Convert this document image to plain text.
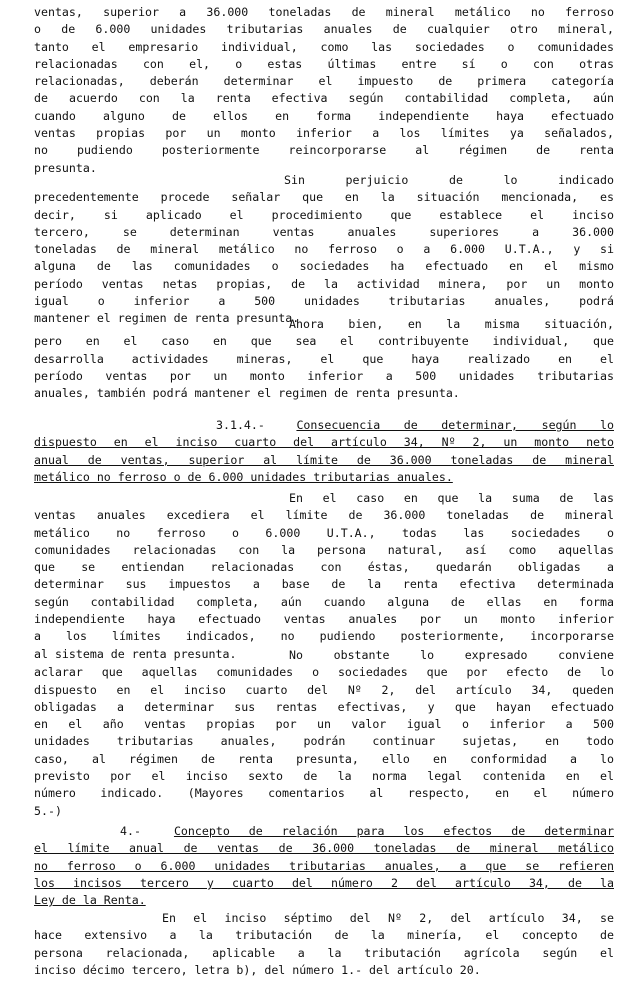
ventas, superior a 36.000 toneladas de mineral metálico no ferroso
o de 6.000 unidades tributarias anuales de cualquier otro mineral,
tanto el empresario individual, como las sociedades o comunidades
relacionadas con el, o estas últimas entre sí o con otras
relacionadas, deberán determinar el impuesto de primera categoría
de acuerdo con la renta efectiva según contabilidad completa, aún
cuando alguno de ellos en forma independiente haya efectuado
ventas propias por un monto inferior a los límites ya señalados,
no pudiendo posteriormente reincorporarse al régimen de renta
presunta.
Sin perjuicio de lo indicado
precedentemente procede señalar que en la situación mencionada, es
decir, si aplicado el procedimiento que establece el inciso
tercero, se determinan ventas anuales superiores a 36.000
toneladas de mineral metálico no ferroso o a 6.000 U.T.A., y si
alguna de las comunidades o sociedades ha efectuado en el mismo
período ventas netas propias, de la actividad minera, por un monto
igual o inferior a 500 unidades tributarias anuales, podrá
mantener el regimen de renta presunta.
Ahora bien, en la misma situación,
pero en el caso en que sea el contribuyente individual, que
desarrolla actividades mineras, el que haya realizado en el
período ventas por un monto inferior a 500 unidades tributarias
anuales, también podrá mantener el regimen de renta presunta.
3.1.4.-	Consecuencia de determinar, según lo
dispuesto en el inciso cuarto del artículo 34, Nº 2, un monto neto
anual de ventas, superior al límite de 36.000 toneladas de mineral
metálico no ferroso o de 6.000 unidades tributarias anuales.
En el caso en que la suma de las
ventas anuales excediera el límite de 36.000 toneladas de mineral
metálico no ferroso o 6.000 U.T.A., todas las sociedades o
comunidades relacionadas con la persona natural, así como aquellas
que se entiendan relacionadas con éstas, quedarán obligadas a
determinar sus impuestos a base de la renta efectiva determinada
según contabilidad completa, aún cuando alguna de ellas en forma
independiente haya efectuado ventas anuales por un monto inferior
a los límites indicados, no pudiendo posteriormente, incorporarse
al sistema de renta presunta.	No obstante lo expresado conviene
aclarar que aquellas comunidades o sociedades que por efecto de lo
dispuesto en el inciso cuarto del Nº 2, del artículo 34, queden
obligadas a determinar sus rentas efectivas, y que hayan efectuado
en el año ventas propias por un valor igual o inferior a 500
unidades tributarias anuales, podrán continuar sujetas, en todo
caso, al régimen de renta presunta, ello en conformidad a lo
previsto por el inciso sexto de la norma legal contenida en el
número indicado. (Mayores comentarios al respecto, en el número
5.-)
4.-	Concepto de relación para los efectos de determinar
el límite anual de ventas de 36.000 toneladas de mineral metálico
no ferroso o 6.000 unidades tributarias anuales, a que se refieren
los incisos tercero y cuarto del número 2 del artículo 34, de la
Ley de la Renta.
En el inciso séptimo del Nº 2, del artículo 34, se
hace extensivo a la tributación de la minería, el concepto de
persona relacionada, aplicable a la tributación agrícola según el
inciso décimo tercero, letra b), del número 1.- del artículo 20.
